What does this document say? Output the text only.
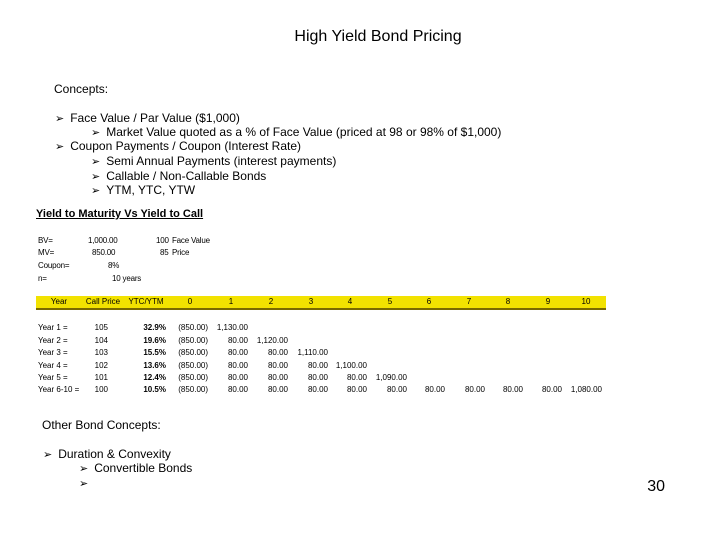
High Yield Bond Pricing
Concepts:
➢ Face Value / Par Value ($1,000)
➢ Market Value quoted as a % of Face Value (priced at 98 or 98% of $1,000)
➢ Coupon Payments / Coupon (Interest Rate)
➢ Semi Annual Payments (interest payments)
➢ Callable / Non-Callable Bonds
➢ YTM, YTC, YTW
Yield to Maturity Vs Yield to Call
BV=	1,000.00	100 Face Value
MV=	850.00	85 Price
Coupon=	8%
n=	10 years
Year	Call Price	YTC/YTM	0	1	2	3	4	5	6	7	8	9	10
Year 1 =	105	32.9%	(850.00)	1,130.00
Year 2 =	104	19.6%	(850.00)	80.00	1,120.00
Year 3 =	103	15.5%	(850.00)	80.00	80.00	1,110.00
Year 4 =	102	13.6%	(850.00)	80.00	80.00	80.00 1,100.00
Year 5 =	101	12.4%	(850.00)	80.00	80.00	80.00	80.00	1,090.00
Year 6-10 =	100	10.5%	(850.00)	80.00	80.00	80.00	80.00	80.00	80.00	80.00	80.00	80.00	1,080.00
Other Bond Concepts:
➢ Duration & Convexity
➢ Convertible Bonds
➢	30
